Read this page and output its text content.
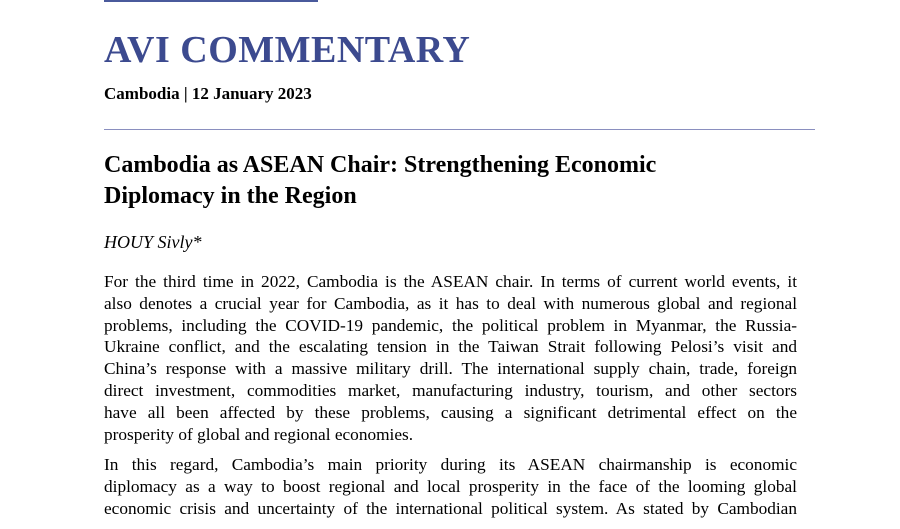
AVI COMMENTARY
Cambodia | 12 January 2023
Cambodia as ASEAN Chair: Strengthening Economic
Diplomacy in the Region
HOUY Sivly*
For the third time in 2022, Cambodia is the ASEAN chair. In terms of current world events, it
also denotes a crucial year for Cambodia, as it has to deal with numerous global and regional
problems, including the COVID-19 pandemic, the political problem in Myanmar, the Russia-
Ukraine conflict, and the escalating tension in the Taiwan Strait following Pelosi’s visit and
China’s response with a massive military drill. The international supply chain, trade, foreign
direct investment, commodities market, manufacturing industry, tourism, and other sectors
have all been affected by these problems, causing a significant detrimental effect on the
prosperity of global and regional economies.
In this regard, Cambodia’s main priority during its ASEAN chairmanship is economic
diplomacy as a way to boost regional and local prosperity in the face of the looming global
economic crisis and uncertainty of the international political system. As stated by Cambodian
